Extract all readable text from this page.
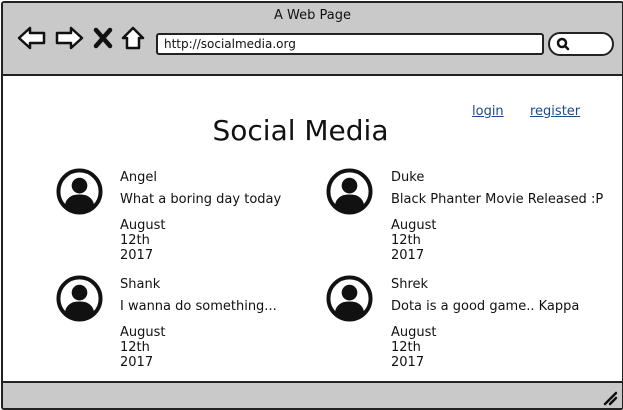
A Web Page
http://socialmedia.org
Social Media
login register
Angel
What a boring day today
August 12th 2017
Duke
Black Phanter Movie Released :P
August 12th 2017
Shank
I wanna do something...
August 12th 2017
Shrek
Dota is a good game.. Kappa
August 12th 2017
